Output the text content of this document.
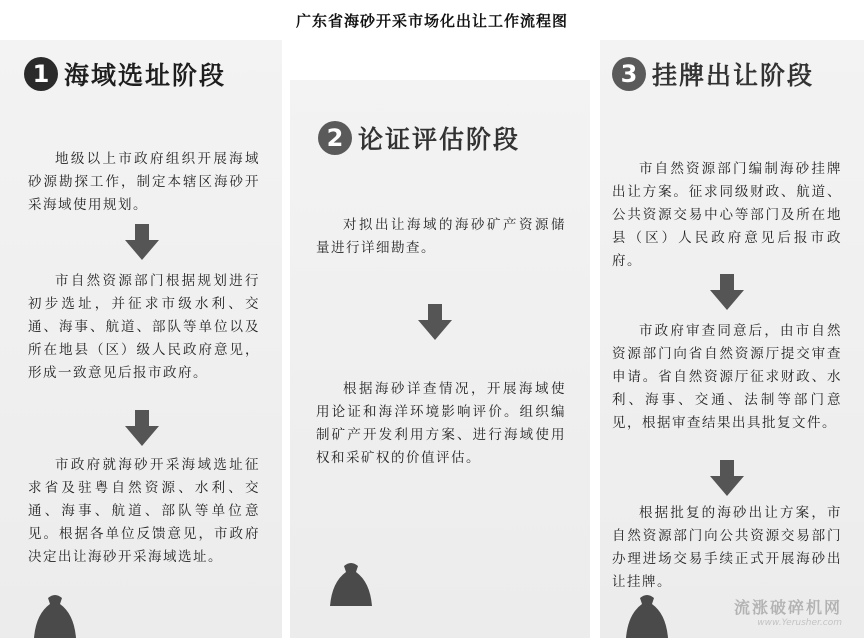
广东省海砂开采市场化出让工作流程图
1 海域选址阶段
地级以上市政府组织开展海域砂源勘探工作，制定本辖区海砂开采海域使用规划。
市自然资源部门根据规划进行初步选址，并征求市级水利、交通、海事、航道、部队等单位以及所在地县（区）级人民政府意见，形成一致意见后报市政府。
市政府就海砂开采海域选址征求省及驻粤自然资源、水利、交通、海事、航道、部队等单位意见。根据各单位反馈意见，市政府决定出让海砂开采海域选址。
2 论证评估阶段
对拟出让海域的海砂矿产资源储量进行详细勘查。
根据海砂详查情况，开展海域使用论证和海洋环境影响评价。组织编制矿产开发利用方案、进行海域使用权和采矿权的价值评估。
3 挂牌出让阶段
市自然资源部门编制海砂挂牌出让方案。征求同级财政、航道、公共资源交易中心等部门及所在地县（区）人民政府意见后报市政府。
市政府审查同意后，由市自然资源部门向省自然资源厅提交审查申请。省自然资源厅征求财政、水利、海事、交通、法制等部门意见，根据审查结果出具批复文件。
根据批复的海砂出让方案，市自然资源部门向公共资源交易部门办理进场交易手续正式开展海砂出让挂牌。
流涨破碎机网
www.Yerusher.com
